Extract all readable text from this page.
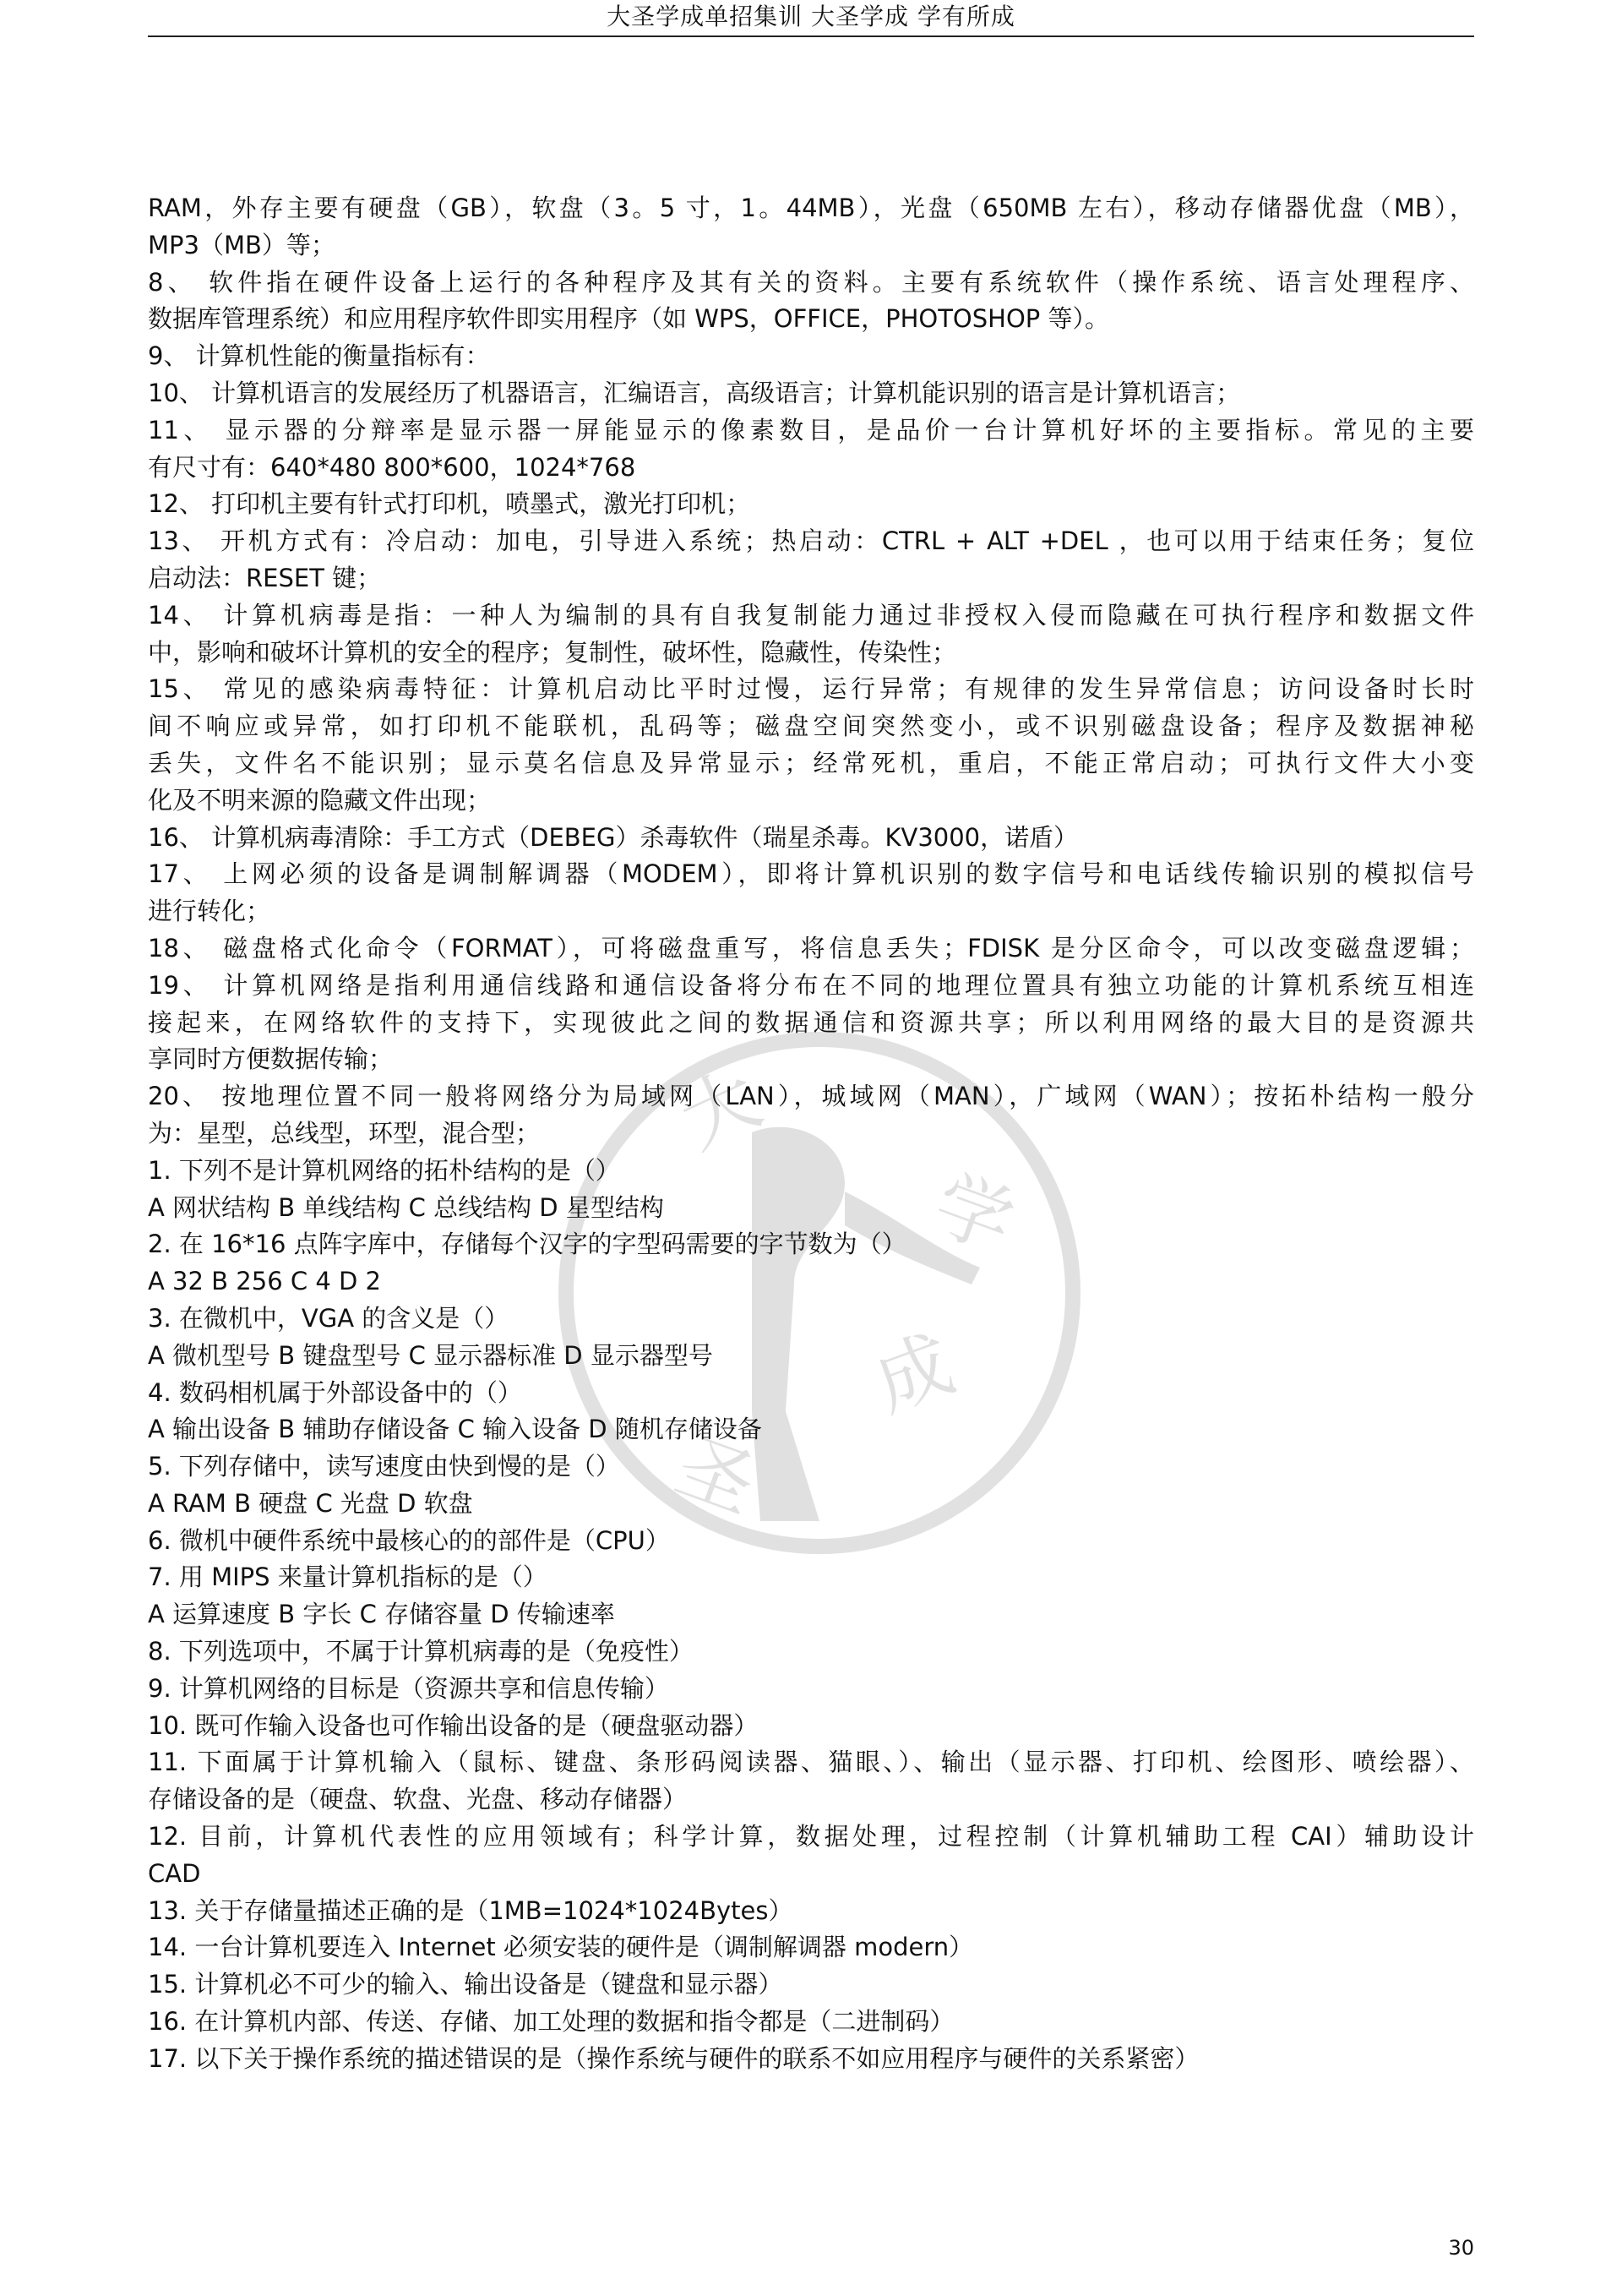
大圣学成单招集训 大圣学成 学有所成
大
圣
学
成
RAM，外存主要有硬盘（GB），软盘（3。5 寸，1。44MB），光盘（650MB 左右），移动存储器优盘（MB），
MP3（MB）等；
8、 软件指在硬件设备上运行的各种程序及其有关的资料。主要有系统软件（操作系统、语言处理程序、
数据库管理系统）和应用程序软件即实用程序（如 WPS，OFFICE，PHOTOSHOP 等）。
9、 计算机性能的衡量指标有：
10、 计算机语言的发展经历了机器语言，汇编语言，高级语言；计算机能识别的语言是计算机语言；
11、 显示器的分辩率是显示器一屏能显示的像素数目，是品价一台计算机好坏的主要指标。常见的主要
有尺寸有：640*480 800*600，1024*768
12、 打印机主要有针式打印机，喷墨式，激光打印机；
13、 开机方式有：冷启动：加电，引导进入系统；热启动：CTRL + ALT +DEL ，也可以用于结束任务；复位
启动法：RESET 键；
14、 计算机病毒是指：一种人为编制的具有自我复制能力通过非授权入侵而隐藏在可执行程序和数据文件
中，影响和破坏计算机的安全的程序；复制性，破坏性，隐藏性，传染性；
15、 常见的感染病毒特征：计算机启动比平时过慢，运行异常；有规律的发生异常信息；访问设备时长时
间不响应或异常，如打印机不能联机，乱码等；磁盘空间突然变小，或不识别磁盘设备；程序及数据神秘
丢失，文件名不能识别；显示莫名信息及异常显示；经常死机，重启，不能正常启动；可执行文件大小变
化及不明来源的隐藏文件出现；
16、 计算机病毒清除：手工方式（DEBEG）杀毒软件（瑞星杀毒。KV3000，诺盾）
17、 上网必须的设备是调制解调器（MODEM），即将计算机识别的数字信号和电话线传输识别的模拟信号
进行转化；
18、 磁盘格式化命令（FORMAT），可将磁盘重写，将信息丢失；FDISK 是分区命令，可以改变磁盘逻辑；
19、 计算机网络是指利用通信线路和通信设备将分布在不同的地理位置具有独立功能的计算机系统互相连
接起来，在网络软件的支持下，实现彼此之间的数据通信和资源共享；所以利用网络的最大目的是资源共
享同时方便数据传输；
20、 按地理位置不同一般将网络分为局域网（LAN），城域网（MAN），广域网（WAN）；按拓朴结构一般分
为：星型，总线型，环型，混合型；
1. 下列不是计算机网络的拓朴结构的是（）
A 网状结构 B 单线结构 C 总线结构 D 星型结构
2. 在 16*16 点阵字库中，存储每个汉字的字型码需要的字节数为（）
A 32 B 256 C 4 D 2
3. 在微机中，VGA 的含义是（）
A 微机型号 B 键盘型号 C 显示器标准 D 显示器型号
4. 数码相机属于外部设备中的（）
A 输出设备 B 辅助存储设备 C 输入设备 D 随机存储设备
5. 下列存储中，读写速度由快到慢的是（）
A RAM B 硬盘 C 光盘 D 软盘
6. 微机中硬件系统中最核心的的部件是（CPU）
7. 用 MIPS 来量计算机指标的是（）
A 运算速度 B 字长 C 存储容量 D 传输速率
8. 下列选项中，不属于计算机病毒的是（免疫性）
9. 计算机网络的目标是（资源共享和信息传输）
10. 既可作输入设备也可作输出设备的是（硬盘驱动器）
11. 下面属于计算机输入（鼠标、键盘、条形码阅读器、猫眼、）、输出（显示器、打印机、绘图形、喷绘器）、
存储设备的是（硬盘、软盘、光盘、移动存储器）
12. 目前，计算机代表性的应用领域有；科学计算，数据处理，过程控制（计算机辅助工程 CAI）辅助设计
CAD
13. 关于存储量描述正确的是（1MB=1024*1024Bytes）
14. 一台计算机要连入 Internet 必须安装的硬件是（调制解调器 modern）
15. 计算机必不可少的输入、输出设备是（键盘和显示器）
16. 在计算机内部、传送、存储、加工处理的数据和指令都是（二进制码）
17. 以下关于操作系统的描述错误的是（操作系统与硬件的联系不如应用程序与硬件的关系紧密）
30
